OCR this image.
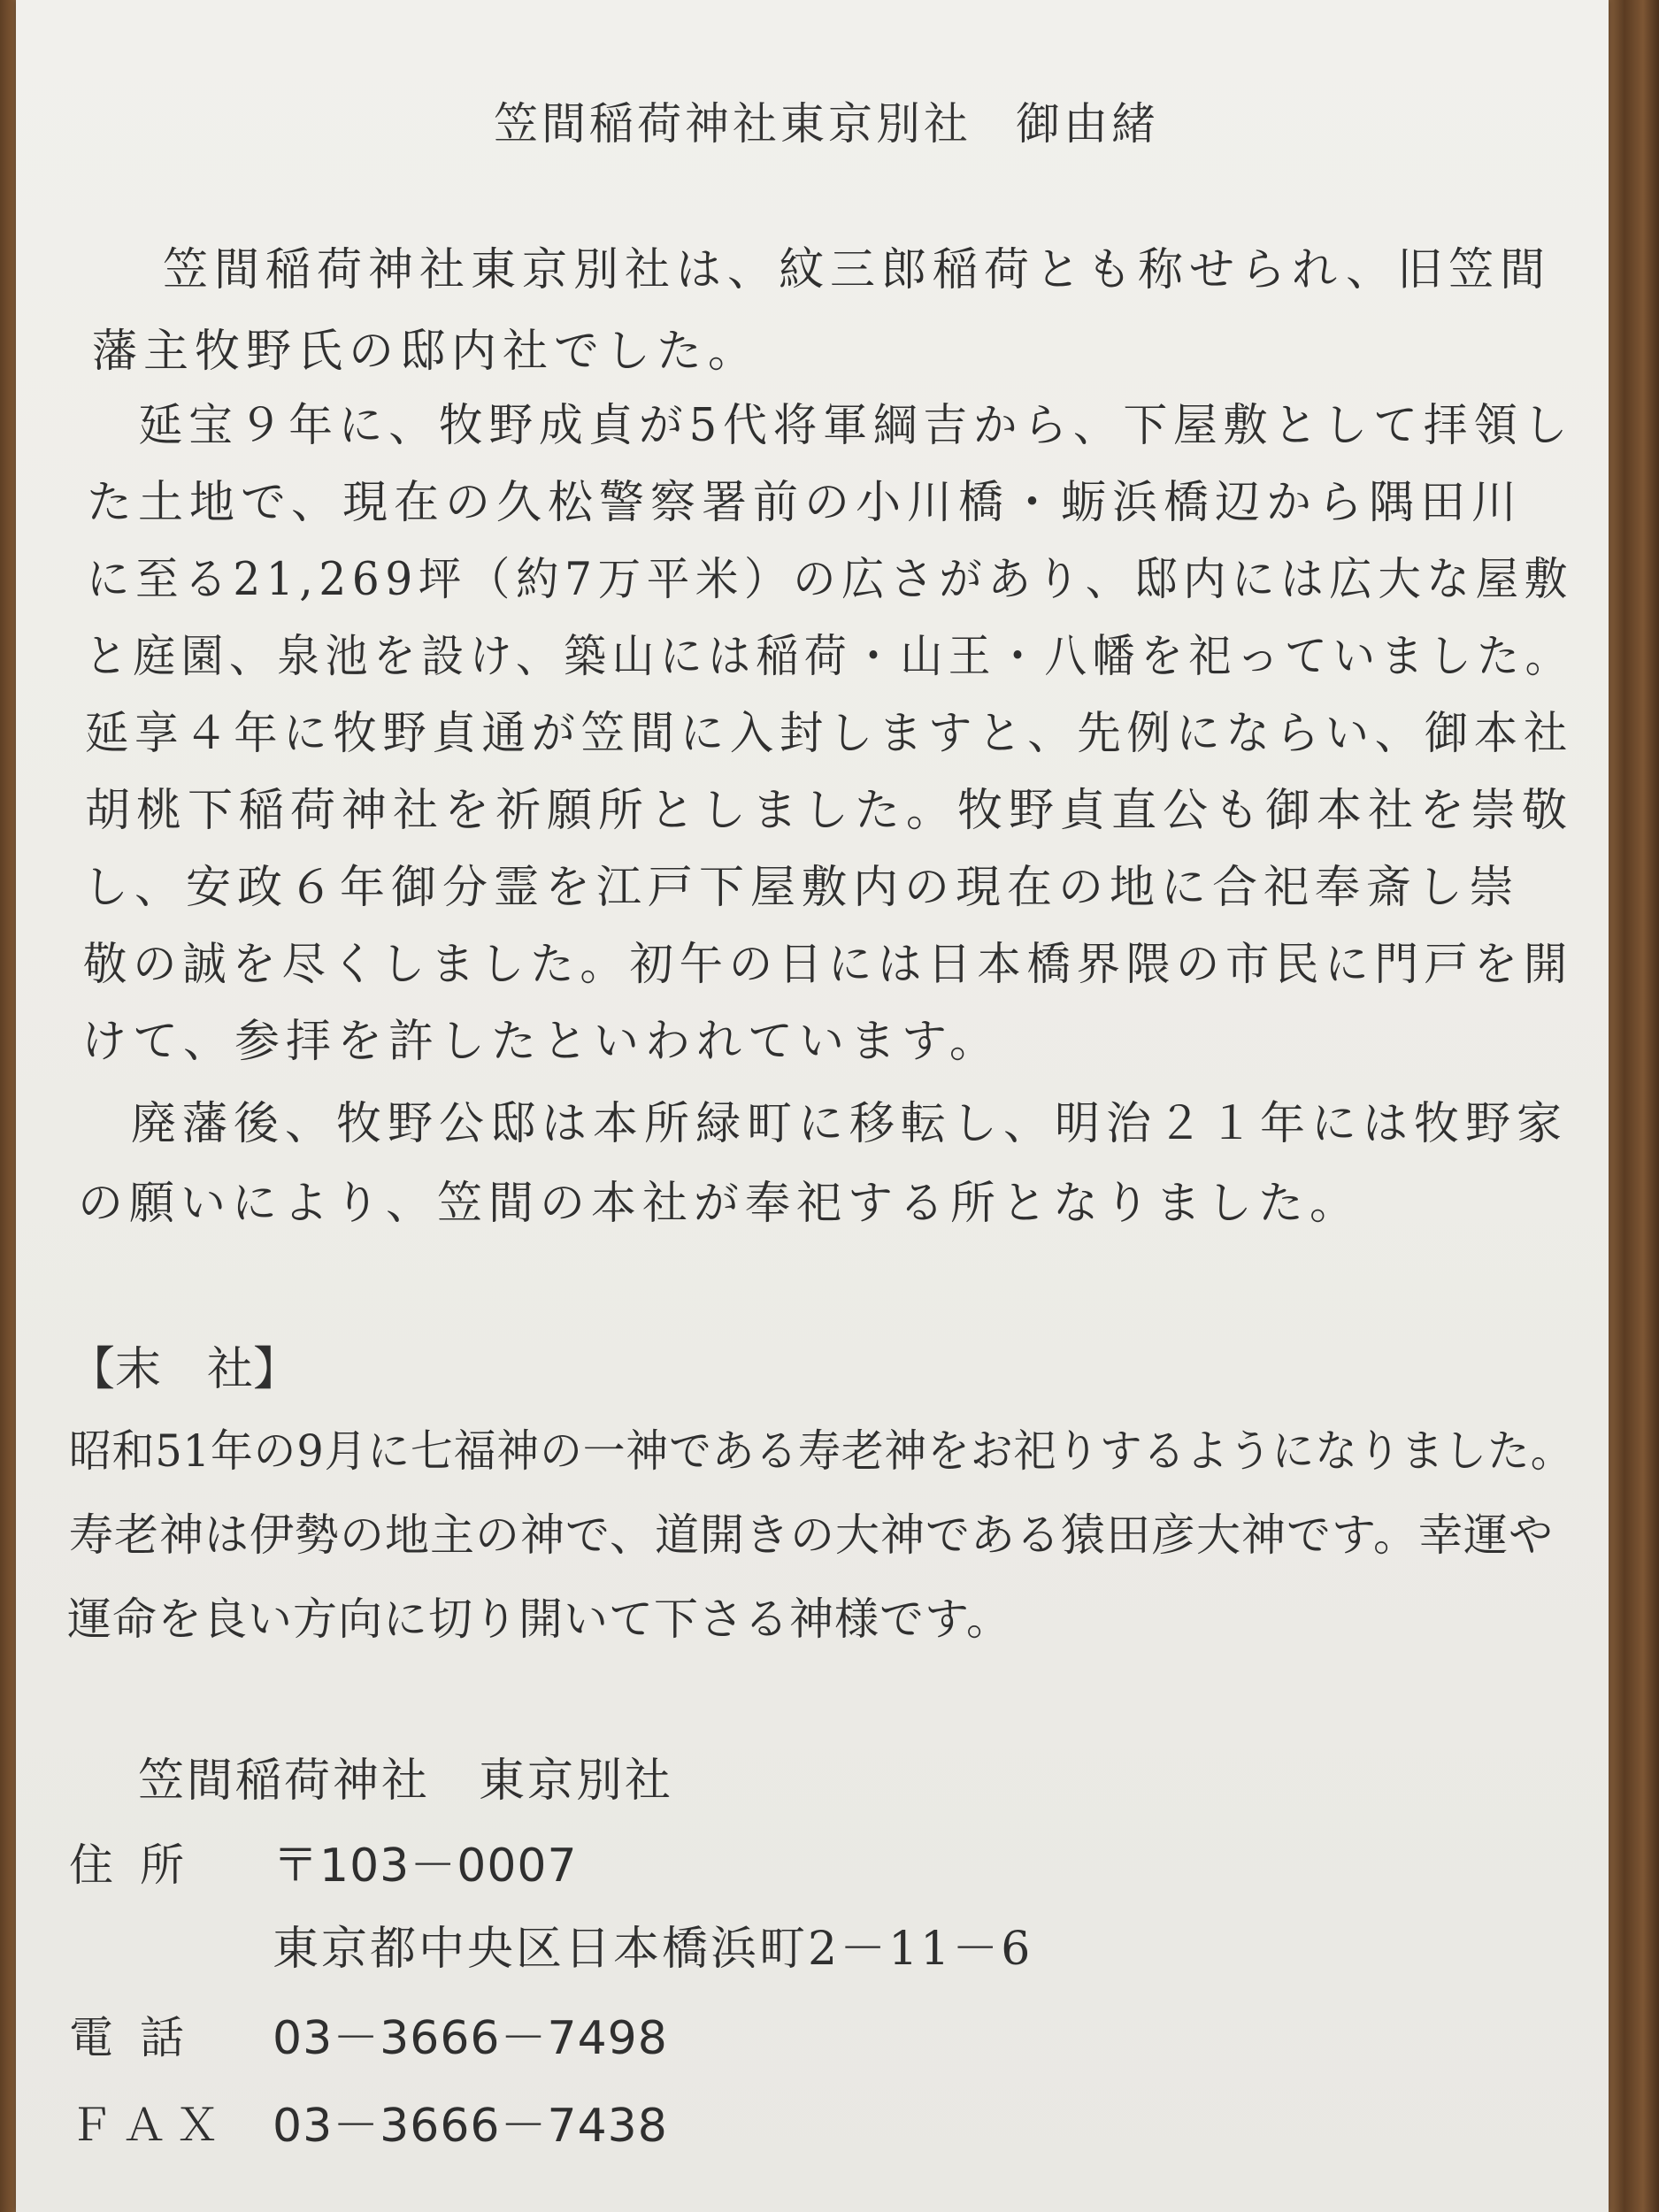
笠間稲荷神社東京別社 御由緒
　笠間稲荷神社東京別社は、紋三郎稲荷とも称せられ、旧笠間
藩主牧野氏の邸内社でした。
　延宝９年に、牧野成貞が5代将軍綱吉から、下屋敷として拝領し
た土地で、現在の久松警察署前の小川橋・蛎浜橋辺から隅田川
に至る21,269坪（約7万平米）の広さがあり、邸内には広大な屋敷
と庭園、泉池を設け、築山には稲荷・山王・八幡を祀っていました。
延享４年に牧野貞通が笠間に入封しますと、先例にならい、御本社
胡桃下稲荷神社を祈願所としました。牧野貞直公も御本社を崇敬
し、安政６年御分霊を江戸下屋敷内の現在の地に合祀奉斎し崇
敬の誠を尽くしました。初午の日には日本橋界隈の市民に門戸を開
けて、参拝を許したといわれています。
　廃藩後、牧野公邸は本所緑町に移転し、明治２１年には牧野家
の願いにより、笠間の本社が奉祀する所となりました。
【末　社】
昭和51年の9月に七福神の一神である寿老神をお祀りするようになりました。
寿老神は伊勢の地主の神で、道開きの大神である猿田彦大神です。幸運や
運命を良い方向に切り開いて下さる神様です。
笠間稲荷神社　東京別社
住所 〒103－0007
東京都中央区日本橋浜町2－11－6
電話 03－3666－7498
ＦＡＸ 03－3666－7438
